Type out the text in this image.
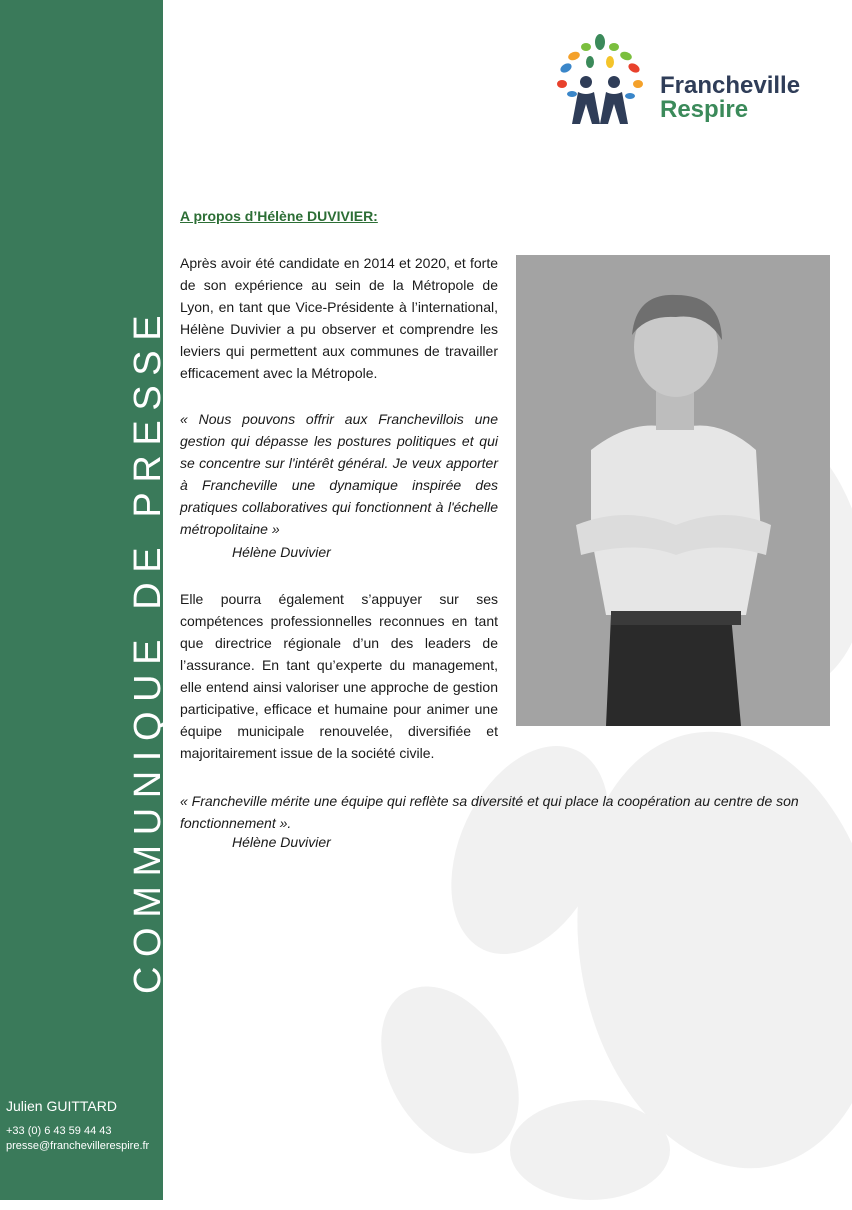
COMMUNIQUE DE PRESSE
Julien GUITTARD
+33 (0) 6 43 59 44 43
presse@franchevillerespire.fr
Francheville
Respire
A propos d’Hélène DUVIVIER:
Après avoir été candidate en 2014 et 2020, et forte de son expérience au sein de la Métropole de Lyon, en tant que Vice-Présidente à l’international, Hélène Duvivier a pu observer et comprendre les leviers qui permettent aux communes de travailler efficacement avec la Métropole.
« Nous pouvons offrir aux Franchevillois une gestion qui dépasse les postures politiques et qui se concentre sur l'intérêt général. Je veux apporter à Francheville une dynamique inspirée des pratiques collaboratives qui fonctionnent à l'échelle métropolitaine »
Hélène Duvivier
Elle pourra également s’appuyer sur ses compétences professionnelles reconnues en tant que directrice régionale d’un des leaders de l’assurance. En tant qu’experte du management, elle entend ainsi valoriser une approche de gestion participative, efficace et humaine pour animer une équipe municipale renouvelée, diversifiée et majoritairement issue de la société civile.
« Francheville mérite une équipe qui reflète sa diversité et qui place la coopération au centre de son fonctionnement ».
Hélène Duvivier
